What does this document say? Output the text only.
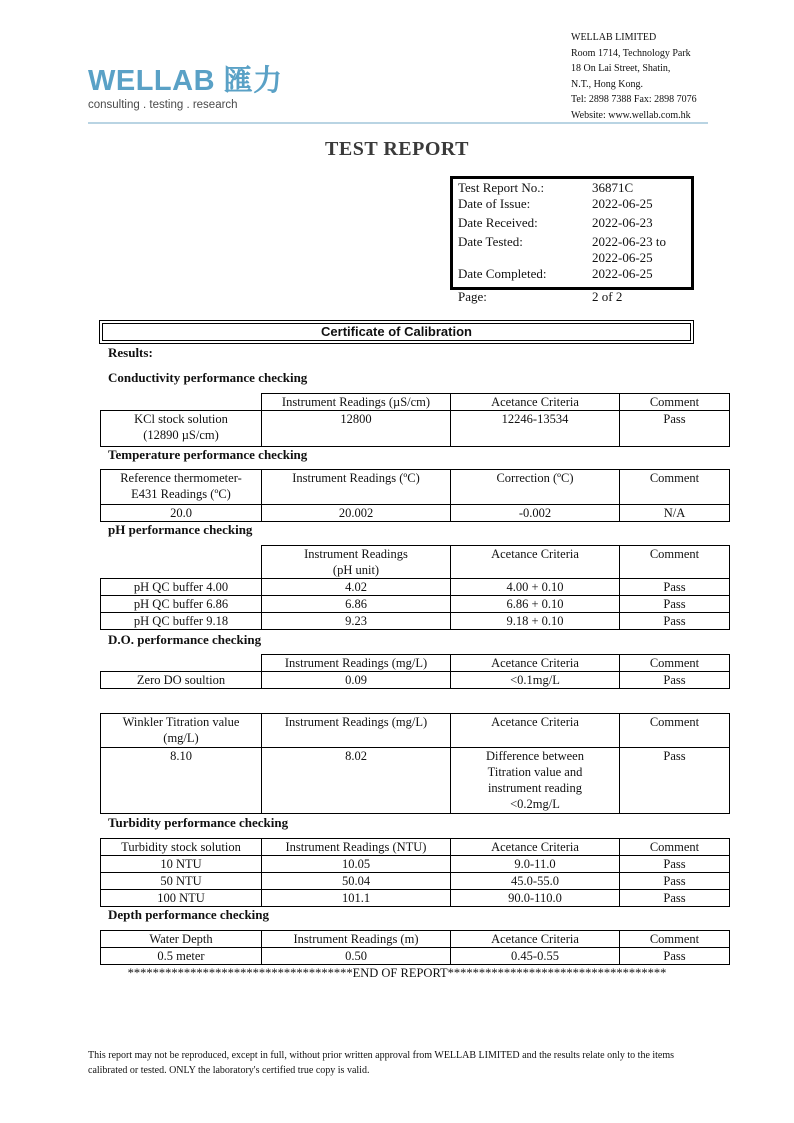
WELLAB 匯力
consulting . testing . research
WELLAB LIMITED
Room 1714, Technology Park
18 On Lai Street, Shatin,
N.T., Hong Kong.
Tel: 2898 7388 Fax: 2898 7076
Website: www.wellab.com.hk
TEST REPORT
Test Report No.:	36871C
Date of Issue:	2022-06-25
Date Received:	2022-06-23
Date Tested:	2022-06-23 to
2022-06-25
Date Completed:	2022-06-25
Page:	2 of 2
Certificate of Calibration
Results:
Conductivity performance checking
	Instrument Readings (µS/cm)	Acetance Criteria	Comment

KCl stock solution
(12890 µS/cm)	12800	12246-13534	Pass
Temperature performance checking
Reference thermometer-
E431 Readings (ºC)	Instrument Readings (ºC)	Correction (ºC)	Comment
20.0	20.002	-0.002	N/A
pH performance checking

	Instrument Readings
(pH unit)	Acetance Criteria	Comment
pH QC buffer 4.00	4.02	4.00 + 0.10	Pass
pH QC buffer 6.86	6.86	6.86 + 0.10	Pass
pH QC buffer 9.18	9.23	9.18 + 0.10	Pass
D.O. performance checking
	Instrument Readings (mg/L)	Acetance Criteria	Comment
Zero DO soultion	0.09	<0.1mg/L	Pass
Winkler Titration value
(mg/L)	Instrument Readings (mg/L)	Acetance Criteria	Comment
8.10	8.02	Difference between
Titration value and
instrument reading
<0.2mg/L	Pass
Turbidity performance checking
Turbidity stock solution	Instrument Readings (NTU)	Acetance Criteria	Comment
10 NTU	10.05	9.0-11.0	Pass
50 NTU	50.04	45.0-55.0	Pass
100 NTU	101.1	90.0-110.0	Pass
Depth performance checking
Water Depth	Instrument Readings (m)	Acetance Criteria	Comment
0.5 meter	0.50	0.45-0.55	Pass
************************************END OF REPORT***********************************
This report may not be reproduced, except in full, without prior written approval from WELLAB LIMITED and the results relate only to the items
calibrated or tested. ONLY the laboratory's certified true copy is valid.
